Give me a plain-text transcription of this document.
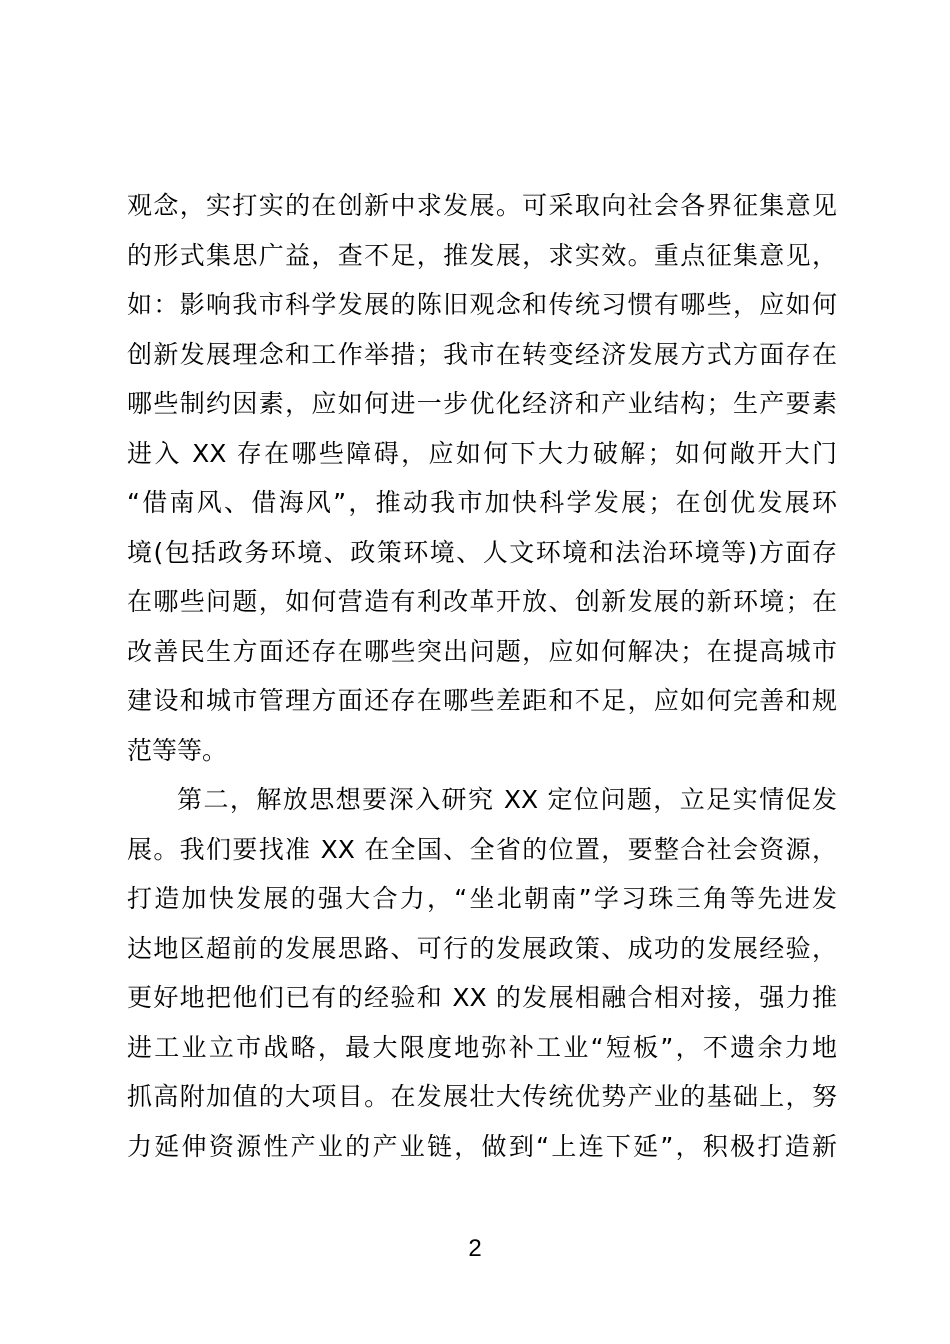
观念，实打实的在创新中求发展。可采取向社会各界征集意见
的形式集思广益，查不足，推发展，求实效。重点征集意见，
如：影响我市科学发展的陈旧观念和传统习惯有哪些，应如何
创新发展理念和工作举措；我市在转变经济发展方式方面存在
哪些制约因素，应如何进一步优化经济和产业结构；生产要素
进入 XX 存在哪些障碍，应如何下大力破解；如何敞开大门
“借南风、借海风”，推动我市加快科学发展；在创优发展环
境(包括政务环境、政策环境、人文环境和法治环境等)方面存
在哪些问题，如何营造有利改革开放、创新发展的新环境；在
改善民生方面还存在哪些突出问题，应如何解决；在提高城市
建设和城市管理方面还存在哪些差距和不足，应如何完善和规
范等等。
第二，解放思想要深入研究 XX 定位问题，立足实情促发
展。我们要找准 XX 在全国、全省的位置，要整合社会资源，
打造加快发展的强大合力，“坐北朝南”学习珠三角等先进发
达地区超前的发展思路、可行的发展政策、成功的发展经验，
更好地把他们已有的经验和 XX 的发展相融合相对接，强力推
进工业立市战略，最大限度地弥补工业“短板”，不遗余力地
抓高附加值的大项目。在发展壮大传统优势产业的基础上，努
力延伸资源性产业的产业链，做到“上连下延”，积极打造新
2
